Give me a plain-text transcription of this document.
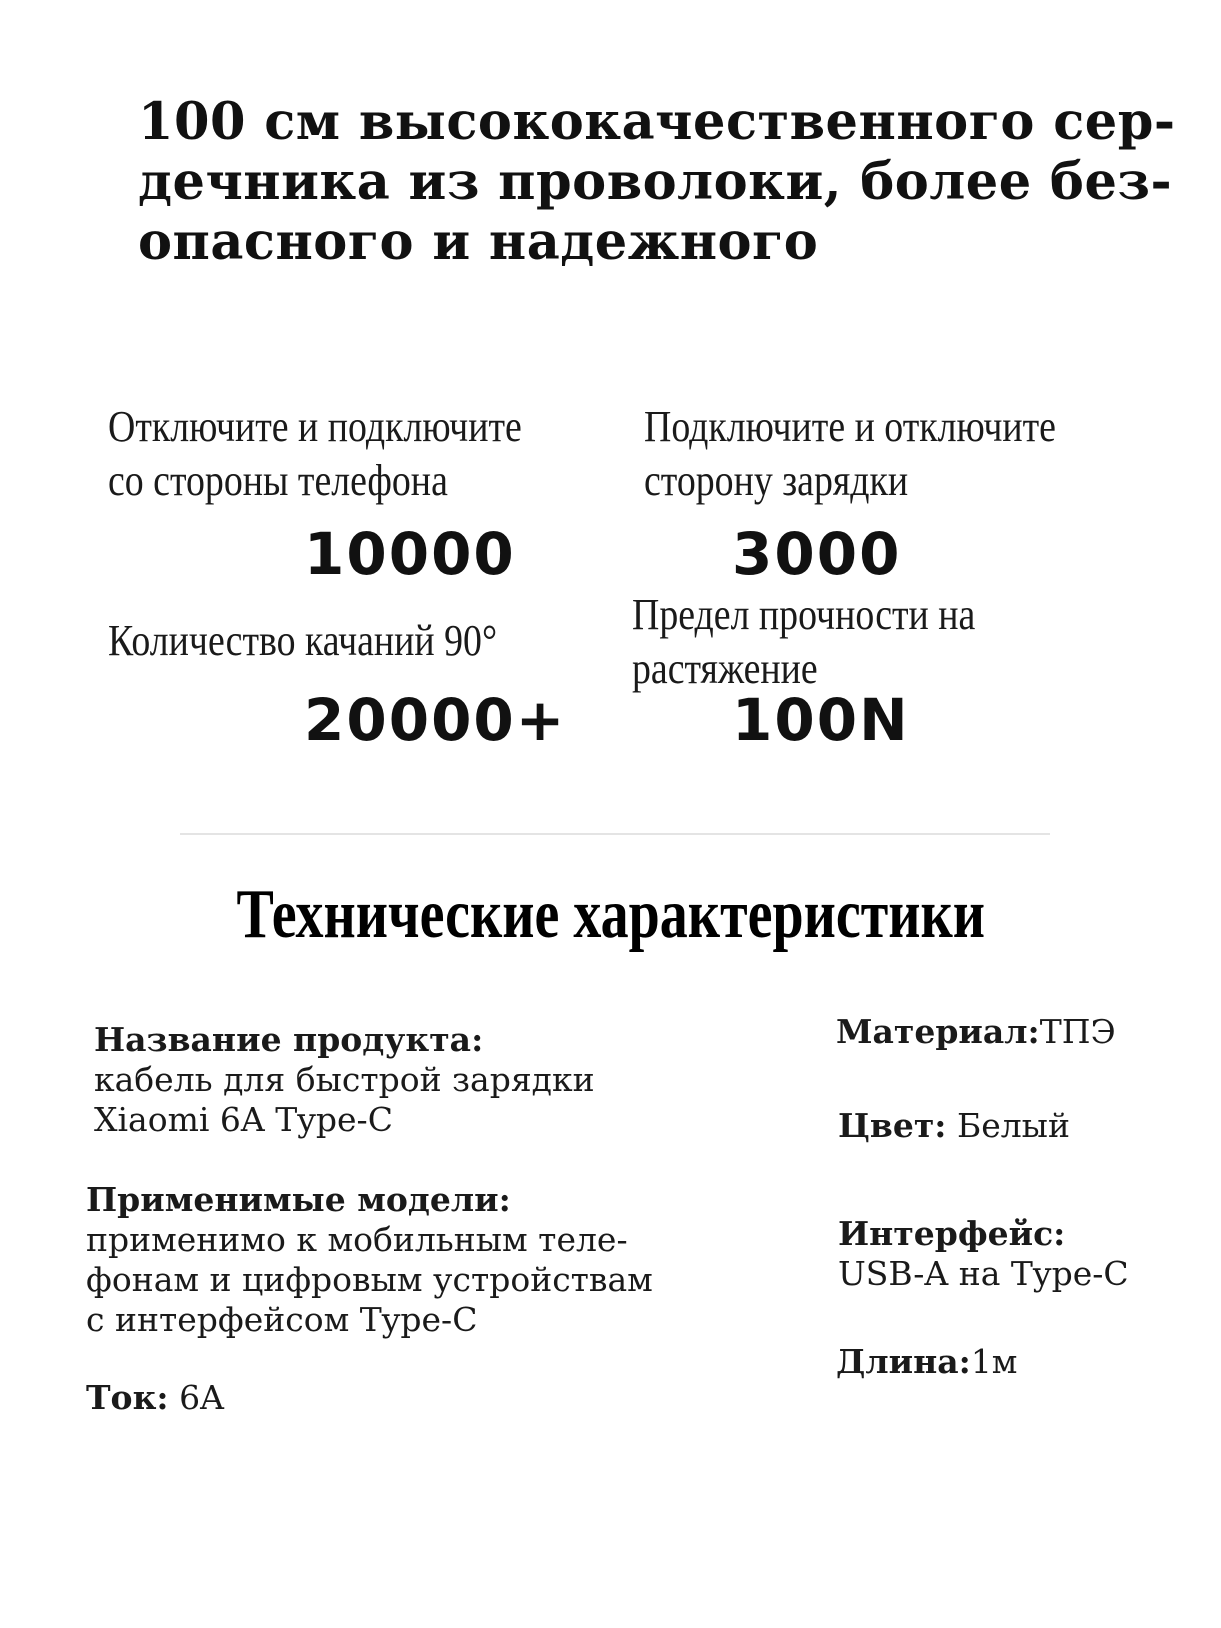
100 см высококачественного сер-
дечника из проволоки, более без-
опасного и надежного
Отключите и подключите
со стороны телефона
10000
Подключите и отключите
сторону зарядки
3000
Количество качаний 90°
20000+
Предел прочности на
растяжение
100N
Технические характеристики
Название продукта:
кабель для быстрой зарядки
Xiaomi 6A Type-C
Применимые модели:
применимо к мобильным теле-
фонам и цифровым устройствам
с интерфейсом Type-C
Ток: 6A
Материал:ТПЭ
Цвет: Белый
Интерфейс:
USB-A на Type-C
Длина:1м
